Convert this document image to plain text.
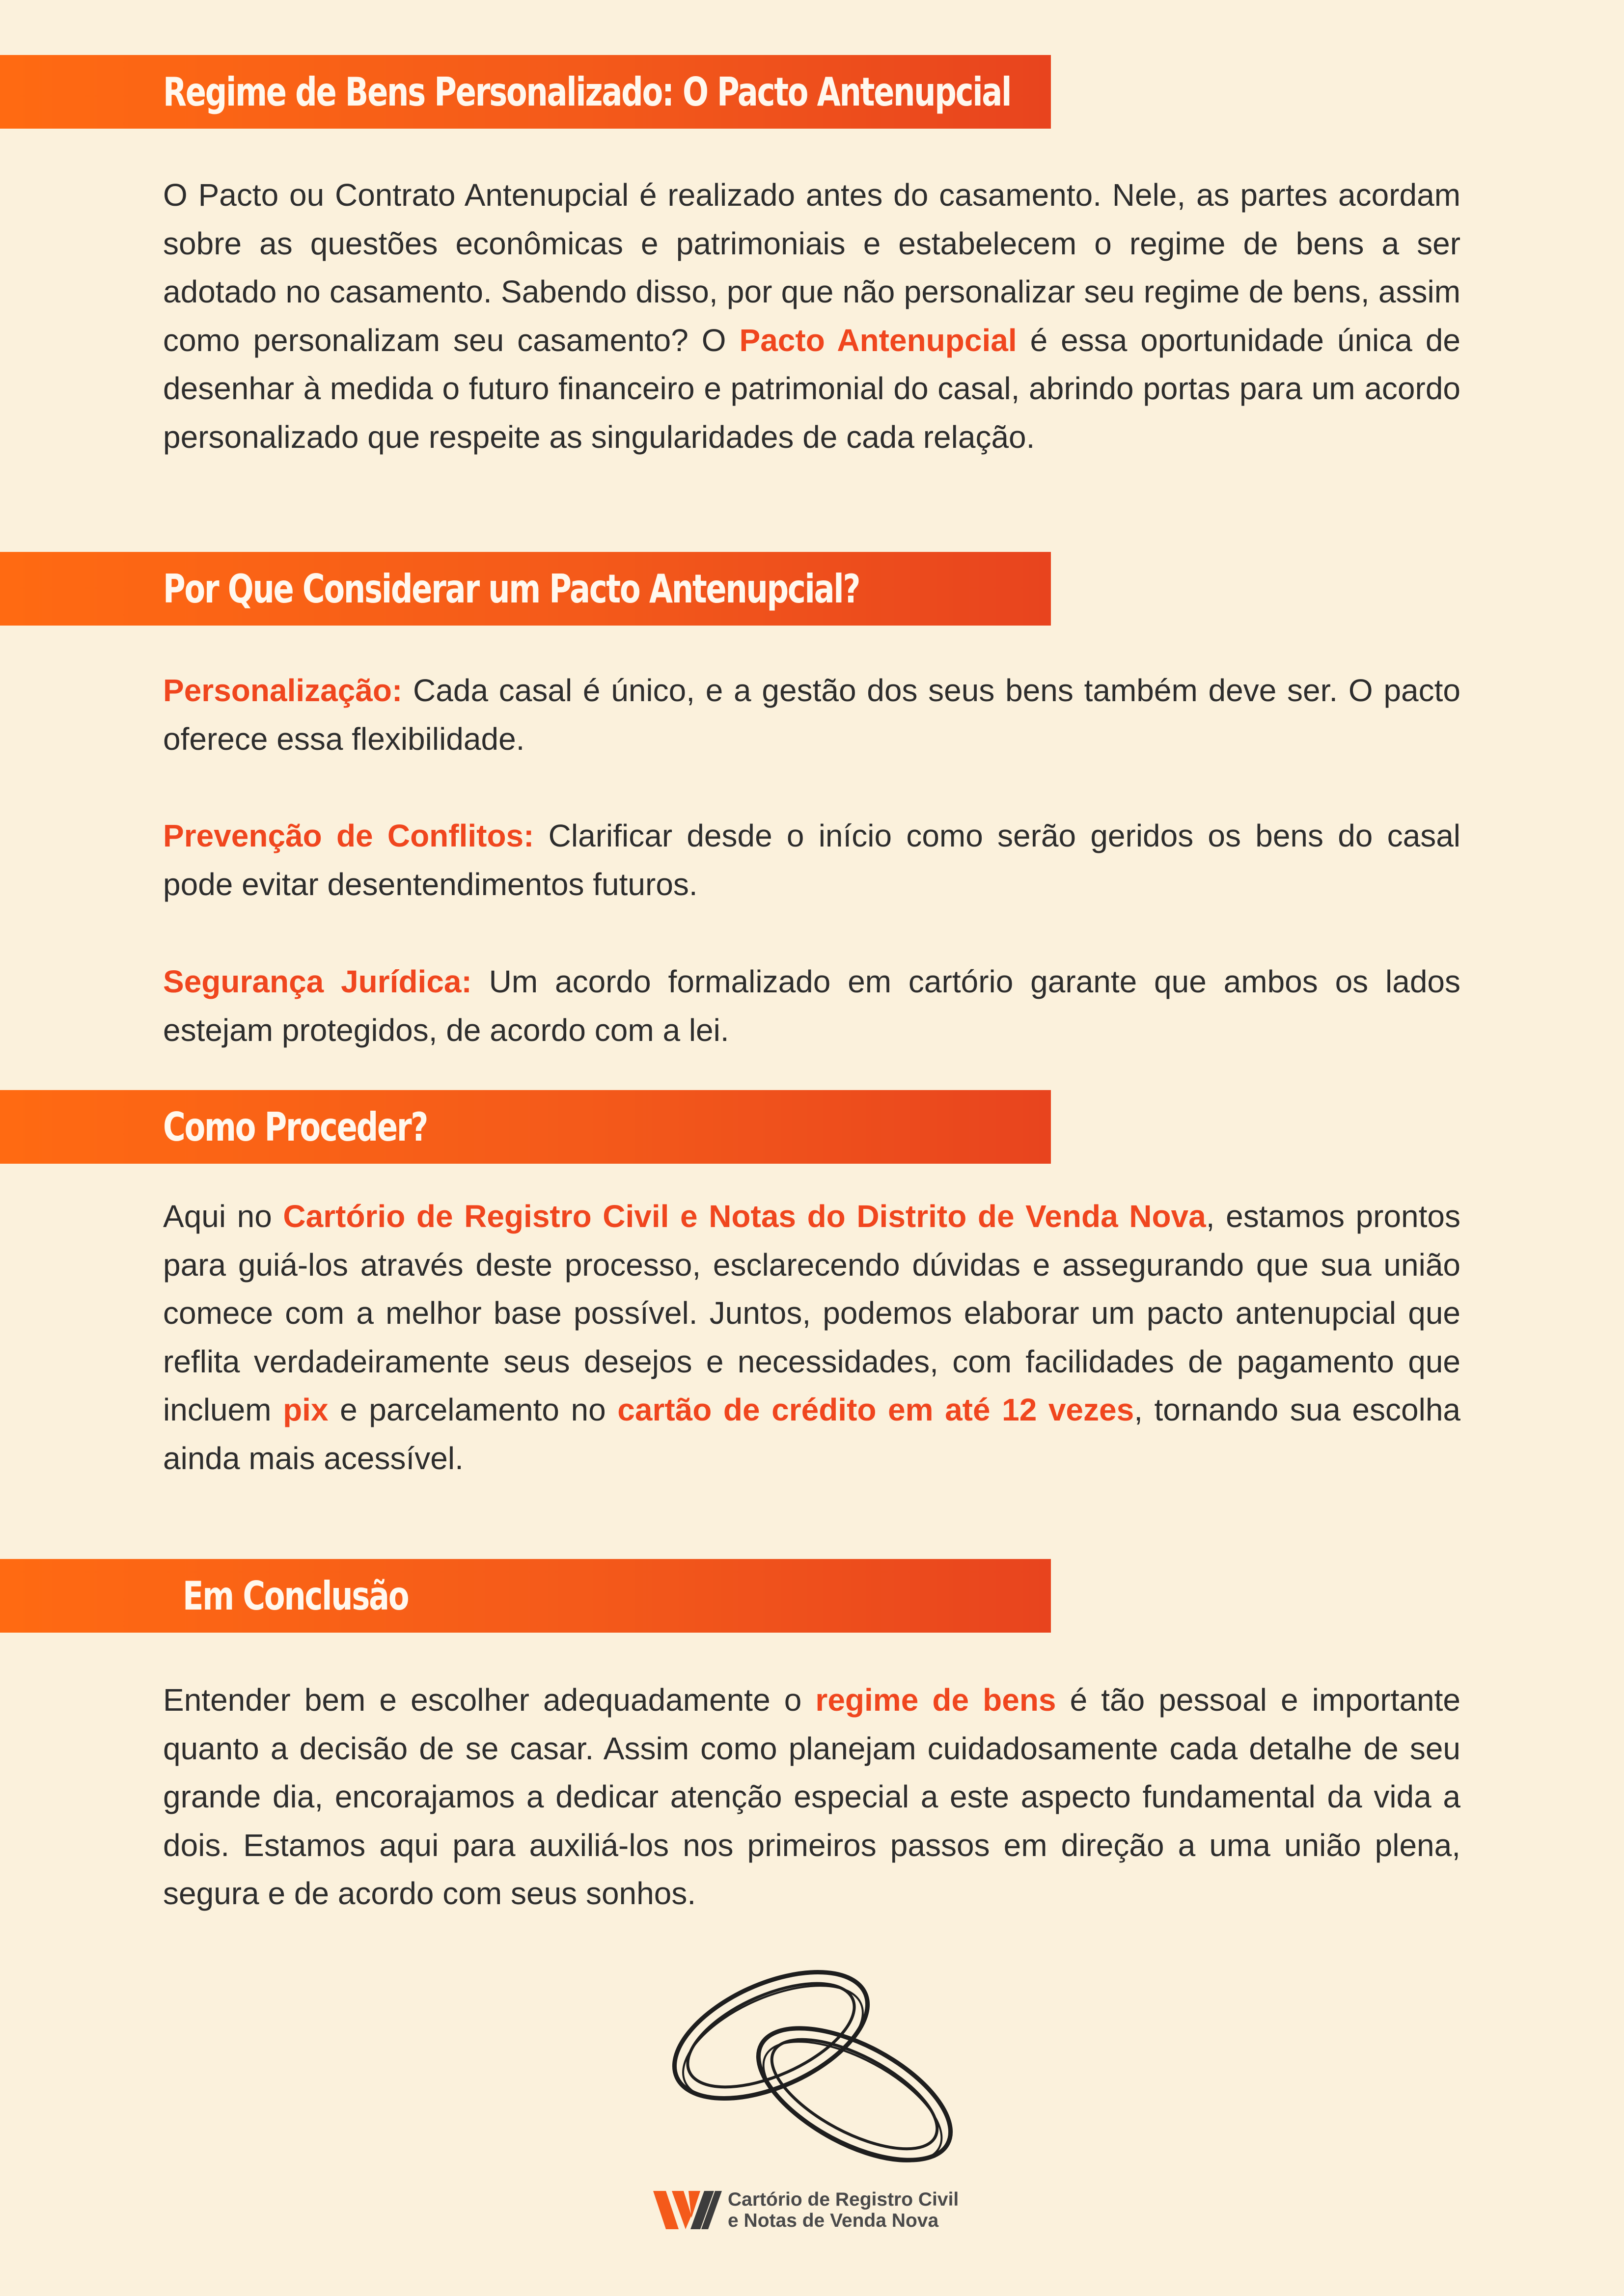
Regime de Bens Personalizado: O Pacto Antenupcial

O Pacto ou Contrato Antenupcial é realizado antes do casamento. Nele, as partes acordam sobre as questões econômicas e patrimoniais e estabelecem o regime de bens a ser adotado no casamento. Sabendo disso, por que não personalizar seu regime de bens, assim como personalizam seu casamento? O Pacto Antenupcial é essa oportunidade única de desenhar à medida o futuro financeiro e patrimonial do casal, abrindo portas para um acordo personalizado que respeite as singularidades de cada relação.

Por Que Considerar um Pacto Antenupcial?

Personalização: Cada casal é único, e a gestão dos seus bens também deve ser. O pacto oferece essa flexibilidade.

Prevenção de Conflitos: Clarificar desde o início como serão geridos os bens do casal pode evitar desentendimentos futuros.

Segurança Jurídica: Um acordo formalizado em cartório garante que ambos os lados estejam protegidos, de acordo com a lei.

Como Proceder?

Aqui no Cartório de Registro Civil e Notas do Distrito de Venda Nova, estamos prontos para guiá-los através deste processo, esclarecendo dúvidas e assegurando que sua união comece com a melhor base possível. Juntos, podemos elaborar um pacto antenupcial que reflita verdadeiramente seus desejos e necessidades, com facilidades de pagamento que incluem pix e parcelamento no cartão de crédito em até 12 vezes, tornando sua escolha ainda mais acessível.

Em Conclusão

Entender bem e escolher adequadamente o regime de bens é tão pessoal e importante quanto a decisão de se casar. Assim como planejam cuidadosamente cada detalhe de seu grande dia, encorajamos a dedicar atenção especial a este aspecto fundamental da vida a dois. Estamos aqui para auxiliá-los nos primeiros passos em direção a uma união plena, segura e de acordo com seus sonhos.

Cartório de Registro Civil
e Notas de Venda Nova
